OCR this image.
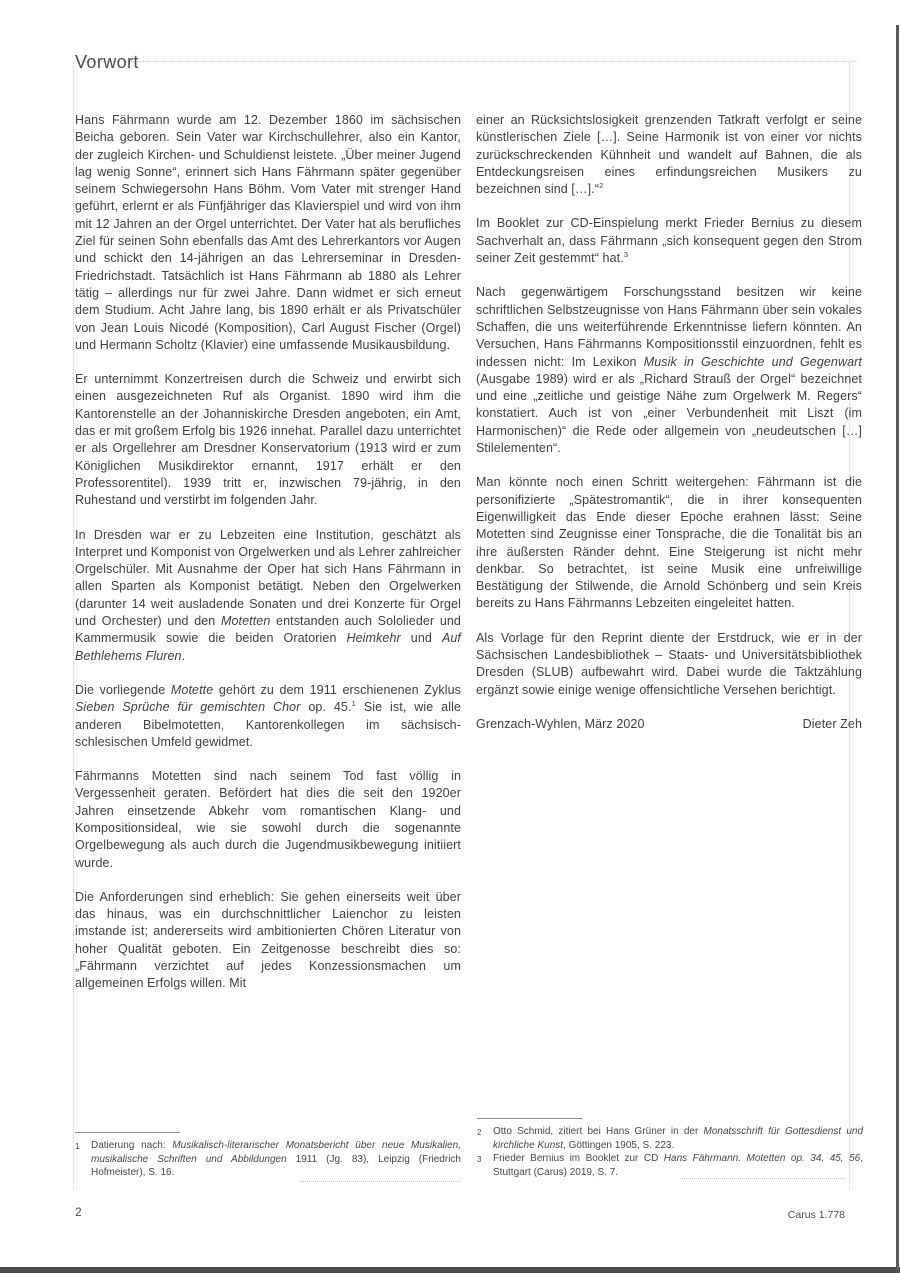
Vorwort

Hans Fährmann wurde am 12. Dezember 1860 im sächsischen Beicha geboren. Sein Vater war Kirchschullehrer, also ein Kantor, der zugleich Kirchen- und Schuldienst leistete. „Über meiner Jugend lag wenig Sonne“, erinnert sich Hans Fährmann später gegenüber seinem Schwiegersohn Hans Böhm. Vom Vater mit strenger Hand geführt, erlernt er als Fünfjähriger das Klavierspiel und wird von ihm mit 12 Jahren an der Orgel unterrichtet. Der Vater hat als berufliches Ziel für seinen Sohn ebenfalls das Amt des Lehrerkantors vor Augen und schickt den 14-jährigen an das Lehrerseminar in Dresden-Friedrichstadt. Tatsächlich ist Hans Fährmann ab 1880 als Lehrer tätig – allerdings nur für zwei Jahre. Dann widmet er sich erneut dem Studium. Acht Jahre lang, bis 1890 erhält er als Privatschüler von Jean Louis Nicodé (Komposition), Carl August Fischer (Orgel) und Hermann Scholtz (Klavier) eine umfassende Musikausbildung.

Er unternimmt Konzertreisen durch die Schweiz und erwirbt sich einen ausgezeichneten Ruf als Organist. 1890 wird ihm die Kantorenstelle an der Johanniskirche Dresden angeboten, ein Amt, das er mit großem Erfolg bis 1926 innehat. Parallel dazu unterrichtet er als Orgellehrer am Dresdner Konservatorium (1913 wird er zum Königlichen Musikdirektor ernannt, 1917 erhält er den Professorentitel). 1939 tritt er, inzwischen 79-jährig, in den Ruhestand und verstirbt im folgenden Jahr.

In Dresden war er zu Lebzeiten eine Institution, geschätzt als Interpret und Komponist von Orgelwerken und als Lehrer zahlreicher Orgelschüler. Mit Ausnahme der Oper hat sich Hans Fährmann in allen Sparten als Komponist betätigt. Neben den Orgelwerken (darunter 14 weit ausladende Sonaten und drei Konzerte für Orgel und Orchester) und den Motetten entstanden auch Sololieder und Kammermusik sowie die beiden Oratorien Heimkehr und Auf Bethlehems Fluren.

Die vorliegende Motette gehört zu dem 1911 erschienenen Zyklus Sieben Sprüche für gemischten Chor op. 45.$^1$ Sie ist, wie alle anderen Bibelmotetten, Kantorenkollegen im sächsisch-schlesischen Umfeld gewidmet.

Fährmanns Motetten sind nach seinem Tod fast völlig in Vergessenheit geraten. Befördert hat dies die seit den 1920er Jahren einsetzende Abkehr vom romantischen Klang- und Kompositionsideal, wie sie sowohl durch die sogenannte Orgelbewegung als auch durch die Jugendmusikbewegung initiiert wurde.

Die Anforderungen sind erheblich: Sie gehen einerseits weit über das hinaus, was ein durchschnittlicher Laienchor zu leisten imstande ist; andererseits wird ambitionierten Chören Literatur von hoher Qualität geboten. Ein Zeitgenosse beschreibt dies so: „Fährmann verzichtet auf jedes Konzessionsmachen um allgemeinen Erfolgs willen. Mit

einer an Rücksichtslosigkeit grenzenden Tatkraft verfolgt er seine künstlerischen Ziele […]. Seine Harmonik ist von einer vor nichts zurückschreckenden Kühnheit und wandelt auf Bahnen, die als Entdeckungsreisen eines erfindungsreichen Musikers zu bezeichnen sind […].“$^2$

Im Booklet zur CD-Einspielung merkt Frieder Bernius zu diesem Sachverhalt an, dass Fährmann „sich konsequent gegen den Strom seiner Zeit gestemmt“ hat.$^3$

Nach gegenwärtigem Forschungsstand besitzen wir keine schriftlichen Selbstzeugnisse von Hans Fährmann über sein vokales Schaffen, die uns weiterführende Erkenntnisse liefern könnten. An Versuchen, Hans Fährmanns Kompositionsstil einzuordnen, fehlt es indessen nicht: Im Lexikon Musik in Geschichte und Gegenwart (Ausgabe 1989) wird er als „Richard Strauß der Orgel“ bezeichnet und eine „zeitliche und geistige Nähe zum Orgelwerk M. Regers“ konstatiert. Auch ist von „einer Verbundenheit mit Liszt (im Harmonischen)“ die Rede oder allgemein von „neudeutschen […] Stilelementen“.

Man könnte noch einen Schritt weitergehen: Fährmann ist die personifizierte „Spätestromantik“, die in ihrer konsequenten Eigenwilligkeit das Ende dieser Epoche erahnen lässt: Seine Motetten sind Zeugnisse einer Tonsprache, die die Tonalität bis an ihre äußersten Ränder dehnt. Eine Steigerung ist nicht mehr denkbar. So betrachtet, ist seine Musik eine unfreiwillige Bestätigung der Stilwende, die Arnold Schönberg und sein Kreis bereits zu Hans Fährmanns Lebzeiten eingeleitet hatten.

Als Vorlage für den Reprint diente der Erstdruck, wie er in der Sächsischen Landesbibliothek – Staats- und Universitätsbibliothek Dresden (SLUB) aufbewahrt wird. Dabei wurde die Taktzählung ergänzt sowie einige wenige offensichtliche Versehen berichtigt.

Grenzach-Wyhlen, März 2020	Dieter Zeh
1	Datierung nach: Musikalisch-literarischer Monatsbericht über neue Musikalien, musikalische Schriften und Abbildungen 1911 (Jg. 83), Leipzig (Friedrich Hofmeister), S. 16.
2	Otto Schmid, zitiert bei Hans Grüner in der Monatsschrift für Gottesdienst und kirchliche Kunst, Göttingen 1905, S. 223.
3	Frieder Bernius im Booklet zur CD Hans Fährmann. Motetten op. 34, 45, 56, Stuttgart (Carus) 2019, S. 7.
2	Carus 1.778
